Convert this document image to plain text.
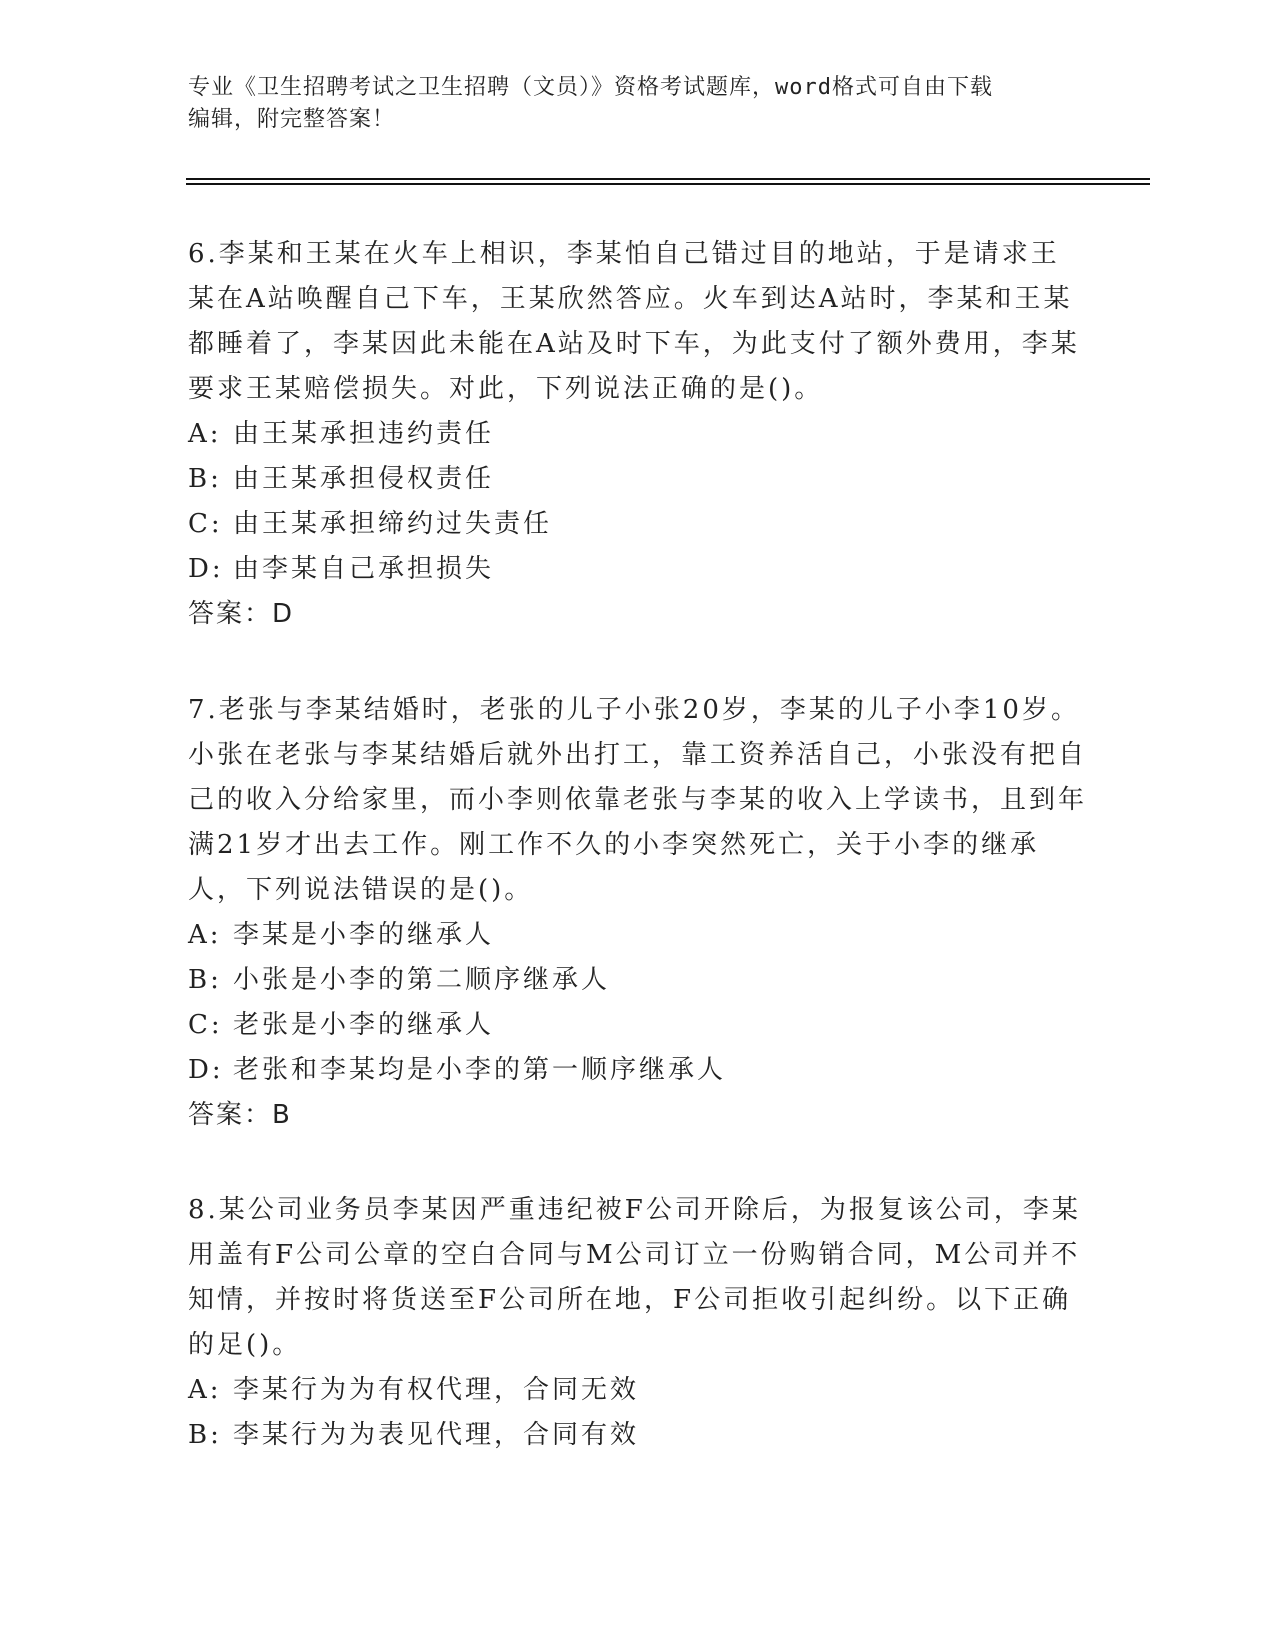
专业《卫生招聘考试之卫生招聘（文员）》资格考试题库，word格式可自由下载
编辑，附完整答案！
6.李某和王某在火车上相识，李某怕自己错过目的地站，于是请求王某在A站唤醒自己下车，王某欣然答应。火车到达A站时，李某和王某都睡着了，李某因此未能在A站及时下车，为此支付了额外费用，李某要求王某赔偿损失。对此，下列说法正确的是()。
A: 由王某承担违约责任
B: 由王某承担侵权责任
C: 由王某承担缔约过失责任
D: 由李某自己承担损失
答案：D
7.老张与李某结婚时，老张的儿子小张20岁，李某的儿子小李10岁。小张在老张与李某结婚后就外出打工，靠工资养活自己，小张没有把自己的收入分给家里，而小李则依靠老张与李某的收入上学读书，且到年满21岁才出去工作。刚工作不久的小李突然死亡，关于小李的继承人，下列说法错误的是()。
A: 李某是小李的继承人
B: 小张是小李的第二顺序继承人
C: 老张是小李的继承人
D: 老张和李某均是小李的第一顺序继承人
答案：B
8.某公司业务员李某因严重违纪被F公司开除后，为报复该公司，李某用盖有F公司公章的空白合同与M公司订立一份购销合同，M公司并不知情，并按时将货送至F公司所在地，F公司拒收引起纠纷。以下正确的足()。
A: 李某行为为有权代理，合同无效
B: 李某行为为表见代理，合同有效
